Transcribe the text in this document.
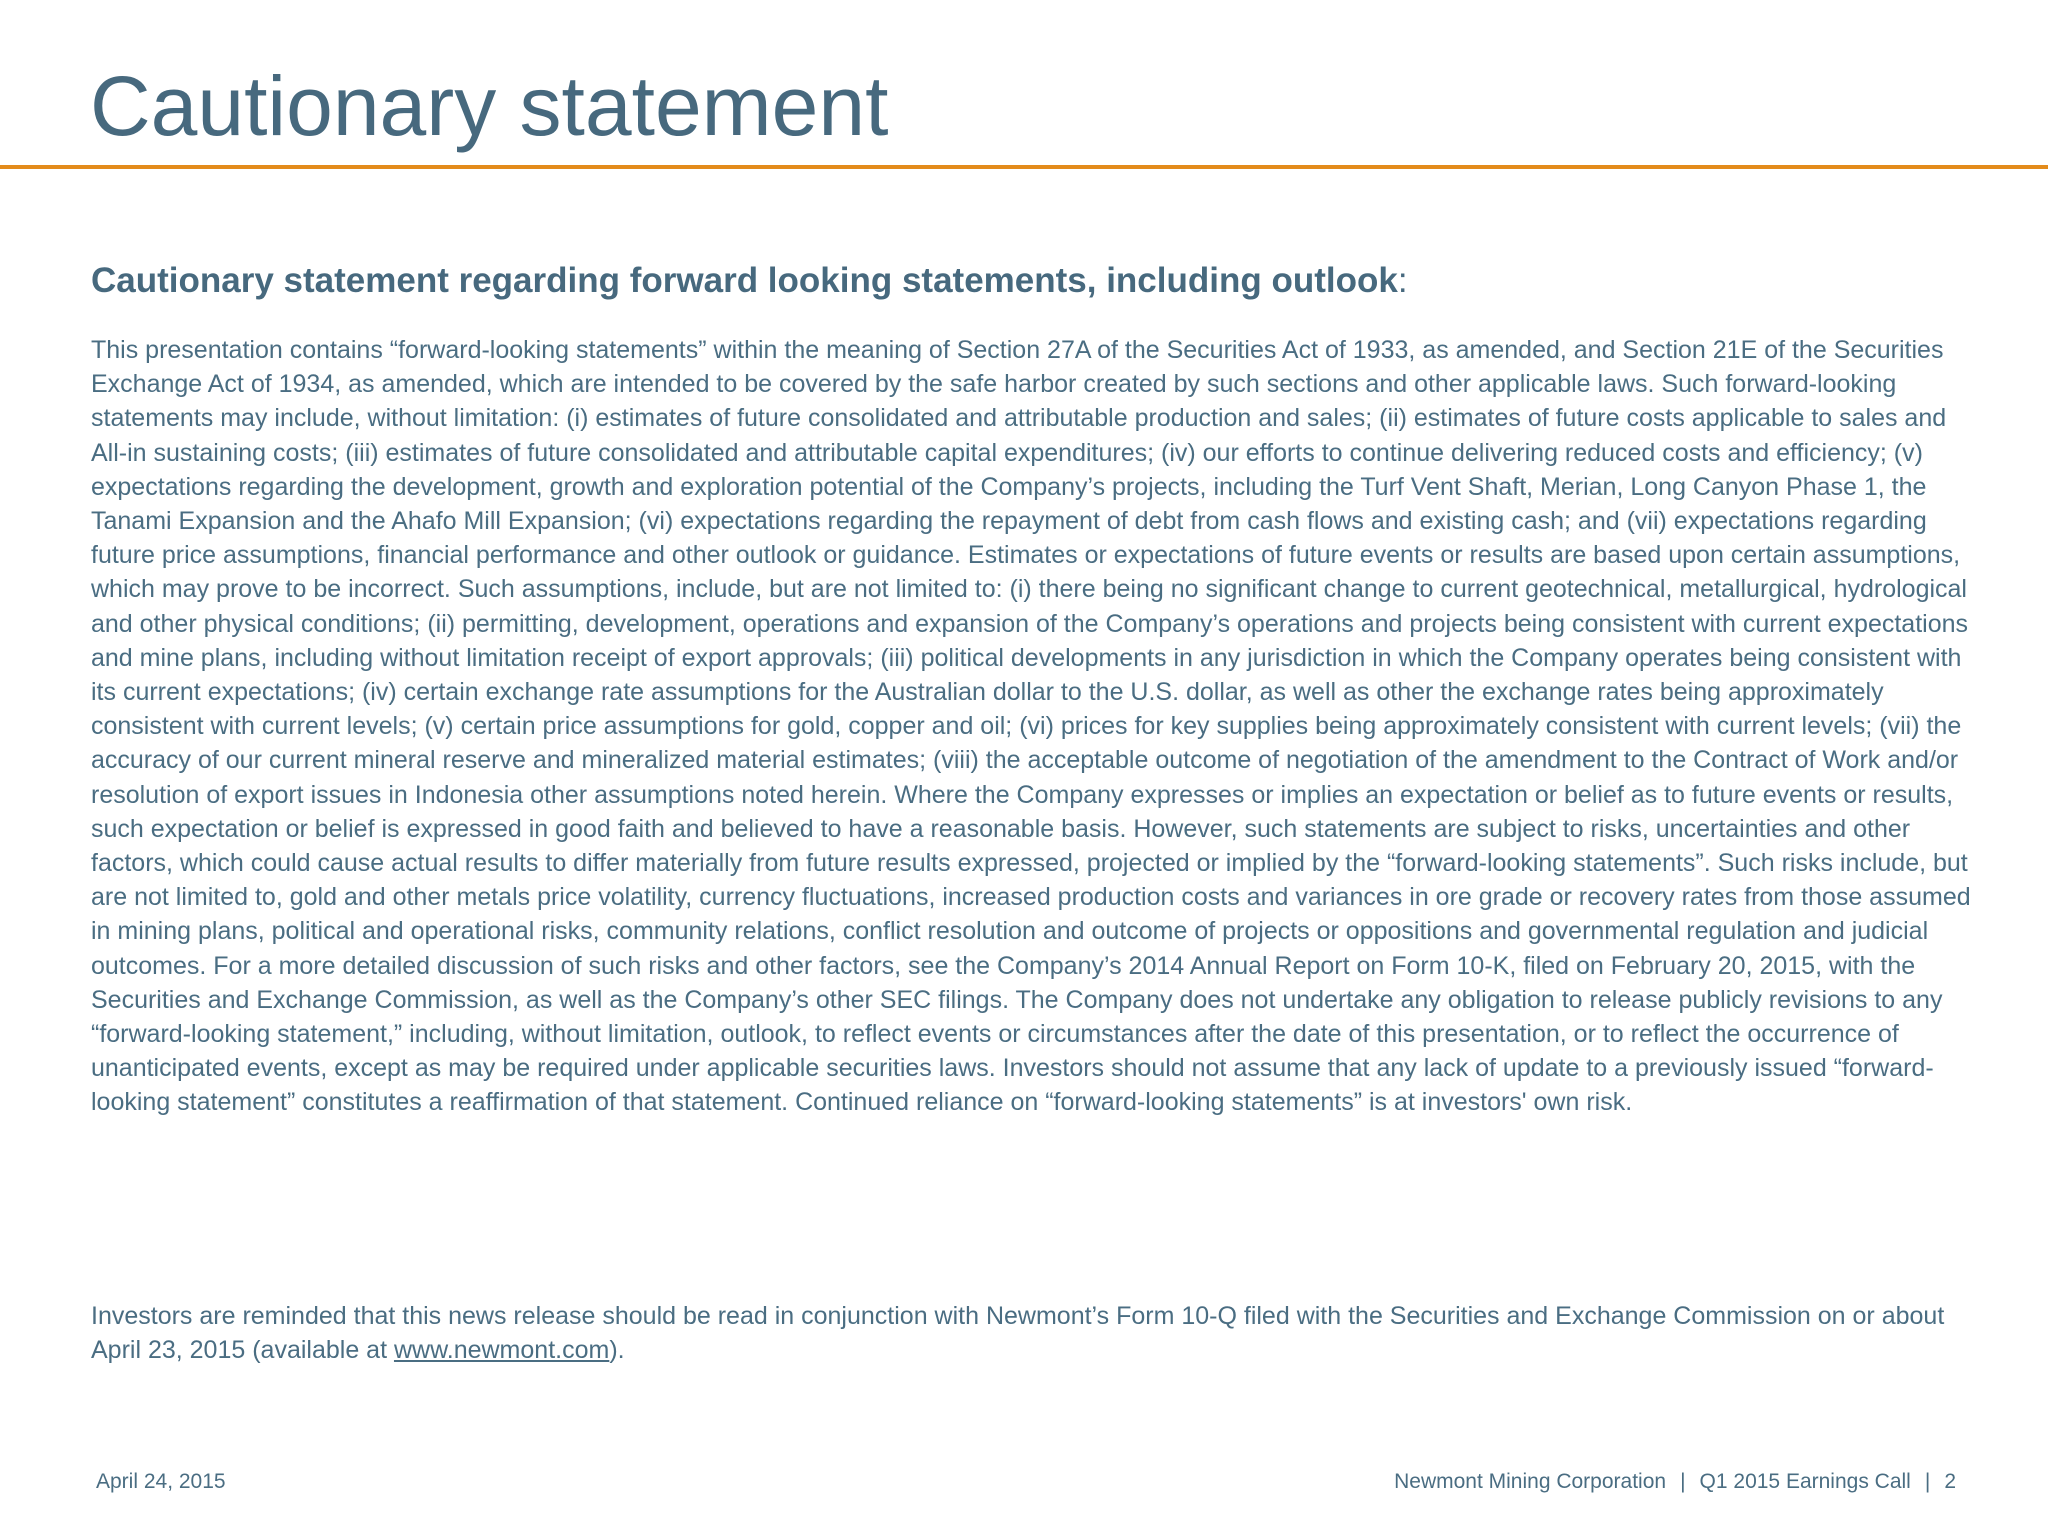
Cautionary statement
Cautionary statement regarding forward looking statements, including outlook:

This presentation contains “forward-looking statements” within the meaning of Section 27A of the Securities Act of 1933, as amended, and Section 21E of the Securities Exchange Act of 1934, as amended, which are intended to be covered by the safe harbor created by such sections and other applicable laws. Such forward-looking statements may include, without limitation: (i) estimates of future consolidated and attributable production and sales; (ii) estimates of future costs applicable to sales and All-in sustaining costs; (iii) estimates of future consolidated and attributable capital expenditures; (iv) our efforts to continue delivering reduced costs and efficiency; (v) expectations regarding the development, growth and exploration potential of the Company’s projects, including the Turf Vent Shaft, Merian, Long Canyon Phase 1, the Tanami Expansion and the Ahafo Mill Expansion; (vi) expectations regarding the repayment of debt from cash flows and existing cash; and (vii) expectations regarding future price assumptions, financial performance and other outlook or guidance. Estimates or expectations of future events or results are based upon certain assumptions, which may prove to be incorrect. Such assumptions, include, but are not limited to: (i) there being no significant change to current geotechnical, metallurgical, hydrological and other physical conditions; (ii) permitting, development, operations and expansion of the Company’s operations and projects being consistent with current expectations and mine plans, including without limitation receipt of export approvals; (iii) political developments in any jurisdiction in which the Company operates being consistent with its current expectations; (iv) certain exchange rate assumptions for the Australian dollar to the U.S. dollar, as well as other the exchange rates being approximately consistent with current levels; (v) certain price assumptions for gold, copper and oil; (vi) prices for key supplies being approximately consistent with current levels; (vii) the accuracy of our current mineral reserve and mineralized material estimates; (viii) the acceptable outcome of negotiation of the amendment to the Contract of Work and/or resolution of export issues in Indonesia other assumptions noted herein. Where the Company expresses or implies an expectation or belief as to future events or results, such expectation or belief is expressed in good faith and believed to have a reasonable basis. However, such statements are subject to risks, uncertainties and other factors, which could cause actual results to differ materially from future results expressed, projected or implied by the “forward-looking statements”. Such risks include, but are not limited to, gold and other metals price volatility, currency fluctuations, increased production costs and variances in ore grade or recovery rates from those assumed in mining plans, political and operational risks, community relations, conflict resolution and outcome of projects or oppositions and governmental regulation and judicial outcomes. For a more detailed discussion of such risks and other factors, see the Company’s 2014 Annual Report on Form 10-K, filed on February 20, 2015, with the Securities and Exchange Commission, as well as the Company’s other SEC filings. The Company does not undertake any obligation to release publicly revisions to any “forward-looking statement,” including, without limitation, outlook, to reflect events or circumstances after the date of this presentation, or to reflect the occurrence of unanticipated events, except as may be required under applicable securities laws. Investors should not assume that any lack of update to a previously issued “forward-looking statement” constitutes a reaffirmation of that statement. Continued reliance on “forward-looking statements” is at investors' own risk.

Investors are reminded that this news release should be read in conjunction with Newmont’s Form 10-Q filed with the Securities and Exchange Commission on or about April 23, 2015 (available at www.newmont.com).

April 24, 2015	Newmont Mining Corporation | Q1 2015 Earnings Call | 2
